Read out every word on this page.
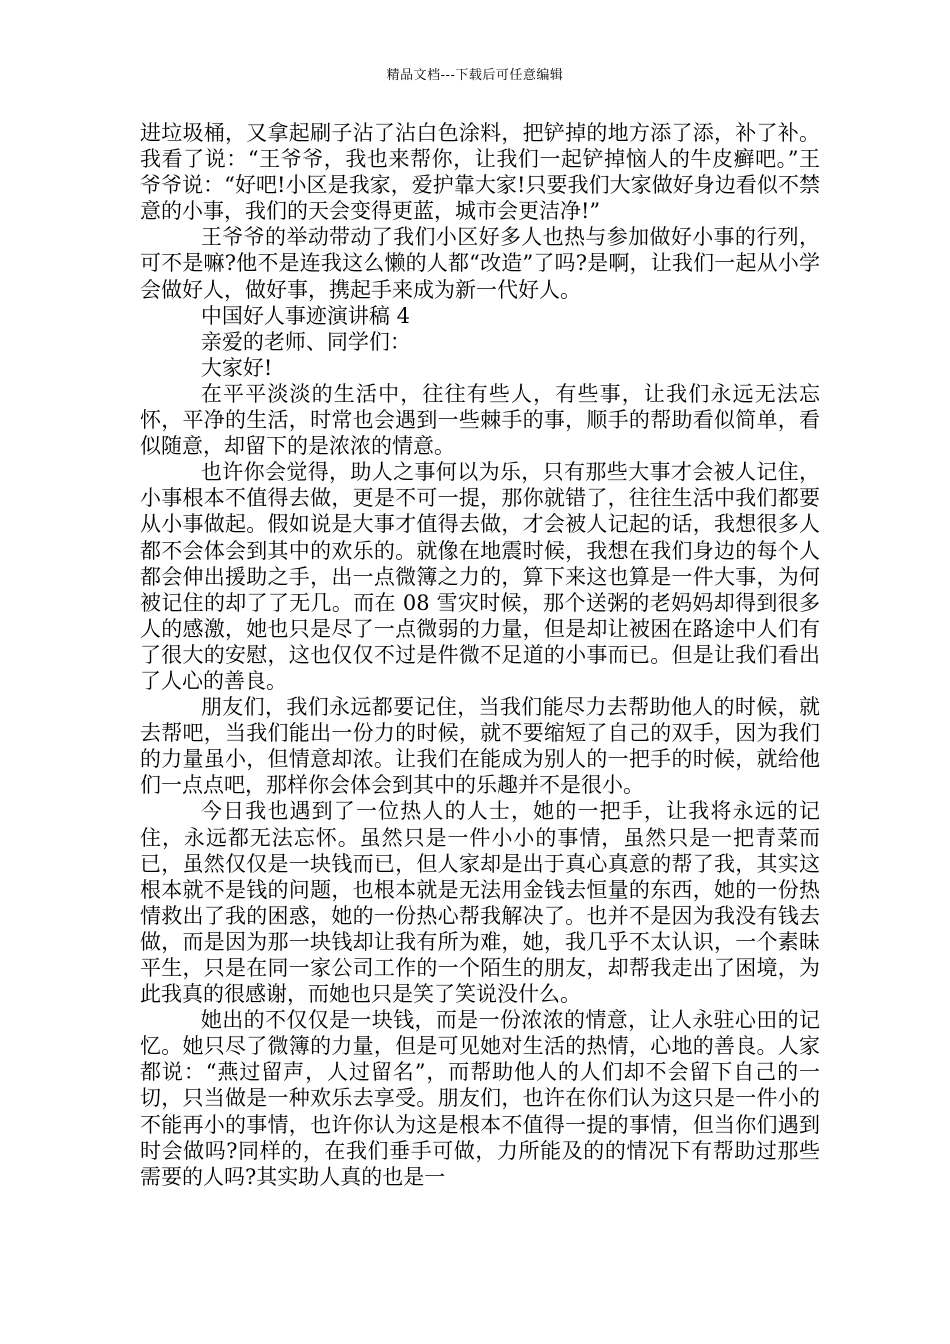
精品文档---下载后可任意编辑

进垃圾桶，又拿起刷子沾了沾白色涂料，把铲掉的地方添了添，补了补。我看了说：“王爷爷，我也来帮你，让我们一起铲掉恼人的牛皮癣吧。”王爷爷说：“好吧!小区是我家，爱护靠大家!只要我们大家做好身边看似不禁意的小事，我们的天会变得更蓝，城市会更洁净!”

王爷爷的举动带动了我们小区好多人也热与参加做好小事的行列，可不是嘛?他不是连我这么懒的人都“改造”了吗?是啊，让我们一起从小学会做好人，做好事，携起手来成为新一代好人。

中国好人事迹演讲稿 4

亲爱的老师、同学们：

大家好!

在平平淡淡的生活中，往往有些人，有些事，让我们永远无法忘怀，平净的生活，时常也会遇到一些棘手的事，顺手的帮助看似简单，看似随意，却留下的是浓浓的情意。

也许你会觉得，助人之事何以为乐，只有那些大事才会被人记住，小事根本不值得去做，更是不可一提，那你就错了，往往生活中我们都要从小事做起。假如说是大事才值得去做，才会被人记起的话，我想很多人都不会体会到其中的欢乐的。就像在地震时候，我想在我们身边的每个人都会伸出援助之手，出一点微簿之力的，算下来这也算是一件大事，为何被记住的却了了无几。而在 08 雪灾时候，那个送粥的老妈妈却得到很多人的感激，她也只是尽了一点微弱的力量，但是却让被困在路途中人们有了很大的安慰，这也仅仅不过是件微不足道的小事而已。但是让我们看出了人心的善良。

朋友们，我们永远都要记住，当我们能尽力去帮助他人的时候，就去帮吧，当我们能出一份力的时候，就不要缩短了自己的双手，因为我们的力量虽小，但情意却浓。让我们在能成为别人的一把手的时候，就给他们一点点吧，那样你会体会到其中的乐趣并不是很小。

今日我也遇到了一位热人的人士，她的一把手，让我将永远的记住，永远都无法忘怀。虽然只是一件小小的事情，虽然只是一把青菜而已，虽然仅仅是一块钱而已，但人家却是出于真心真意的帮了我，其实这根本就不是钱的问题，也根本就是无法用金钱去恒量的东西，她的一份热情救出了我的困惑，她的一份热心帮我解决了。也并不是因为我没有钱去做，而是因为那一块钱却让我有所为难，她，我几乎不太认识，一个素昧平生，只是在同一家公司工作的一个陌生的朋友，却帮我走出了困境，为此我真的很感谢，而她也只是笑了笑说没什么。

她出的不仅仅是一块钱，而是一份浓浓的情意，让人永驻心田的记忆。她只尽了微簿的力量，但是可见她对生活的热情，心地的善良。人家都说：“燕过留声，人过留名”，而帮助他人的人们却不会留下自己的一切，只当做是一种欢乐去享受。朋友们，也许在你们认为这只是一件小的不能再小的事情，也许你认为这是根本不值得一提的事情，但当你们遇到时会做吗?同样的，在我们垂手可做，力所能及的的情况下有帮助过那些需要的人吗?其实助人真的也是一
